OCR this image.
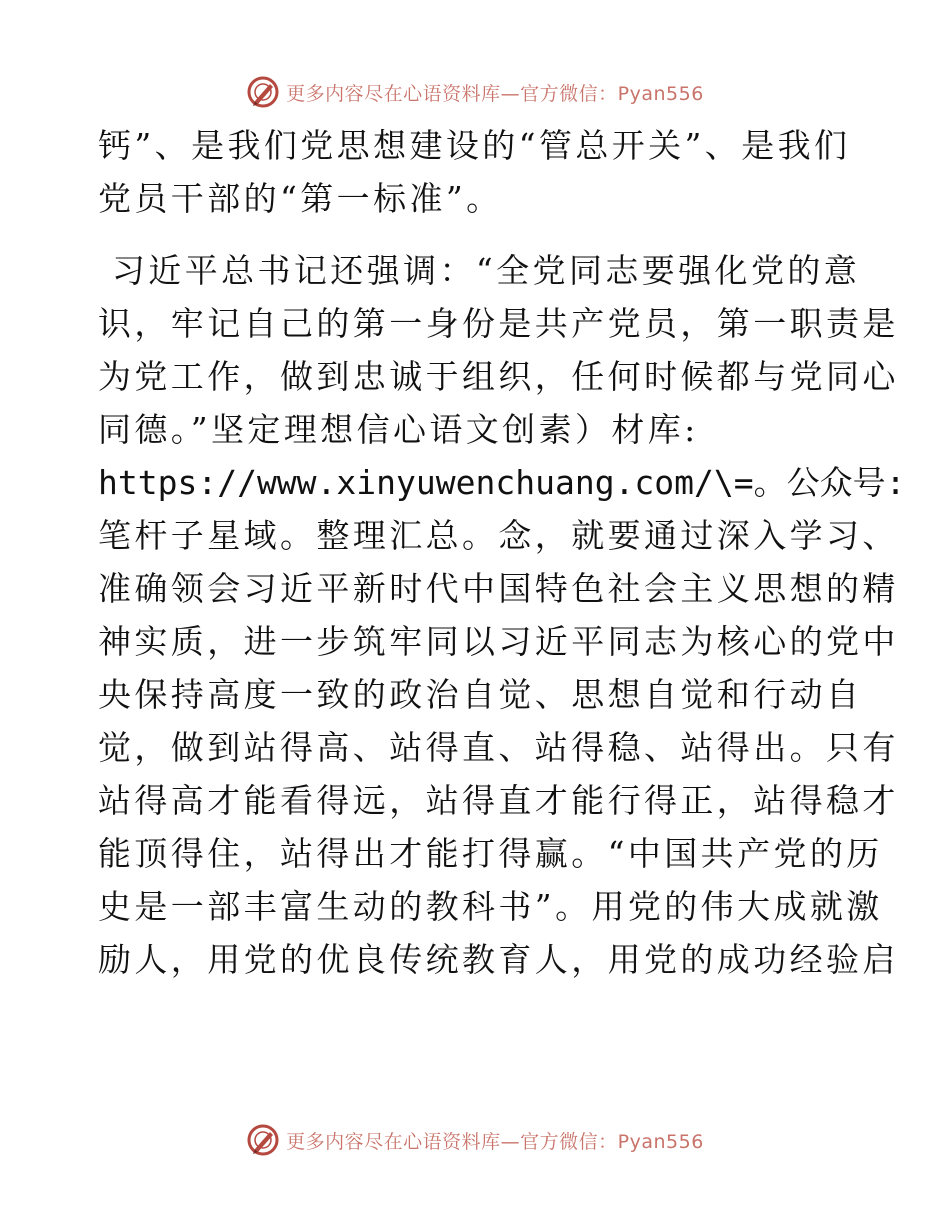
更多内容尽在心语资料库—官方微信：Pyan556
钙”、是我们党思想建设的“管总开关”、是我们
党员干部的“第一标准”。
习近平总书记还强调：“全党同志要强化党的意
识，牢记自己的第一身份是共产党员，第一职责是
为党工作，做到忠诚于组织，任何时候都与党同心
同德。”坚定理想信心语文创素）材库:
https://www.xinyuwenchuang.com/\=。公众号:
笔杆子星域。整理汇总。念，就要通过深入学习、
准确领会习近平新时代中国特色社会主义思想的精
神实质，进一步筑牢同以习近平同志为核心的党中
央保持高度一致的政治自觉、思想自觉和行动自
觉，做到站得高、站得直、站得稳、站得出。只有
站得高才能看得远，站得直才能行得正，站得稳才
能顶得住，站得出才能打得赢。“中国共产党的历
史是一部丰富生动的教科书”。用党的伟大成就激
励人，用党的优良传统教育人，用党的成功经验启
更多内容尽在心语资料库—官方微信：Pyan556
